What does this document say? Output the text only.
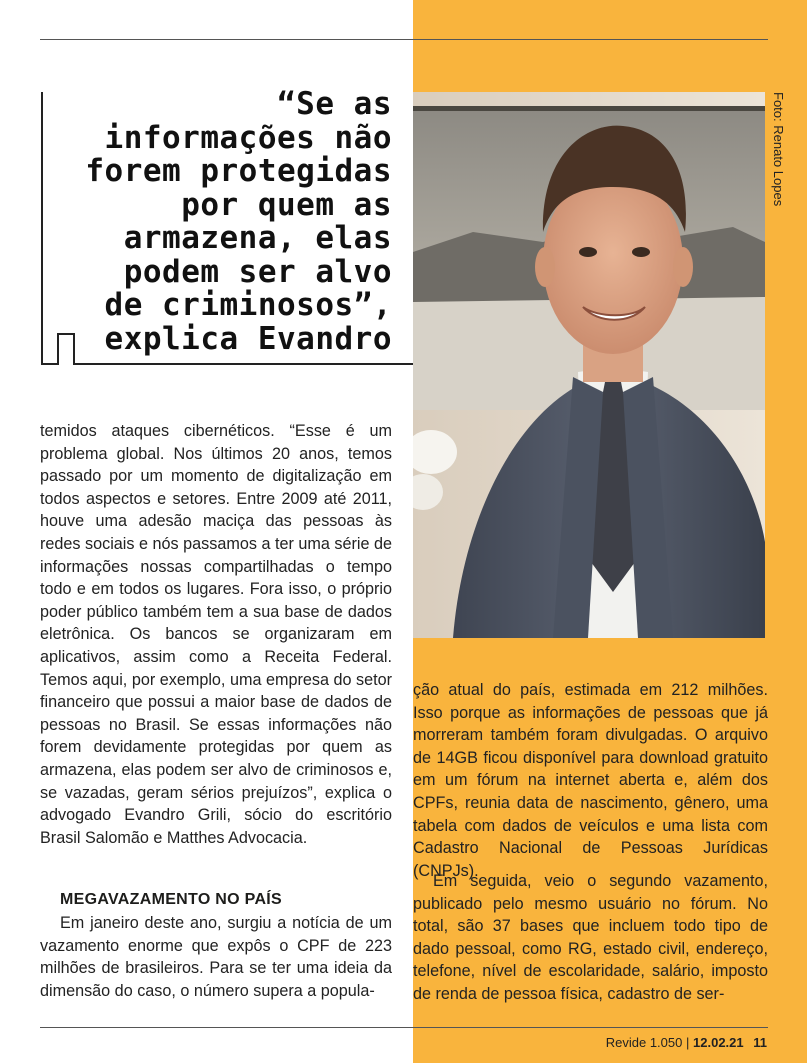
“Se as informações não forem protegidas por quem as armazena, elas podem ser alvo de criminosos”, explica Evandro

Foto: Renato Lopes

temidos ataques cibernéticos. “Esse é um problema global. Nos últimos 20 anos, temos passado por um momento de digitalização em todos aspectos e setores. Entre 2009 até 2011, houve uma adesão maciça das pessoas às redes sociais e nós passamos a ter uma série de informações nossas compartilhadas o tempo todo e em todos os lugares. Fora isso, o próprio poder público também tem a sua base de dados eletrônica. Os bancos se organizaram em aplicativos, assim como a Receita Federal. Temos aqui, por exemplo, uma empresa do setor financeiro que possui a maior base de dados de pessoas no Brasil. Se essas informações não forem devidamente protegidas por quem as armazena, elas podem ser alvo de criminosos e, se vazadas, geram sérios prejuízos”, explica o advogado Evandro Grili, sócio do escritório Brasil Salomão e Matthes Advocacia.

MEGAVAZAMENTO NO PAÍS

Em janeiro deste ano, surgiu a notícia de um vazamento enorme que expôs o CPF de 223 milhões de brasileiros. Para se ter uma ideia da dimensão do caso, o número supera a popula-

ção atual do país, estimada em 212 milhões. Isso porque as informações de pessoas que já morreram também foram divulgadas. O arquivo de 14GB ficou disponível para download gratuito em um fórum na internet aberta e, além dos CPFs, reunia data de nascimento, gênero, uma tabela com dados de veículos e uma lista com Cadastro Nacional de Pessoas Jurídicas (CNPJs).

Em seguida, veio o segundo vazamento, publicado pelo mesmo usuário no fórum. No total, são 37 bases que incluem todo tipo de dado pessoal, como RG, estado civil, endereço, telefone, nível de escolaridade, salário, imposto de renda de pessoa física, cadastro de ser-

Revide 1.050 | 12.02.21 11
